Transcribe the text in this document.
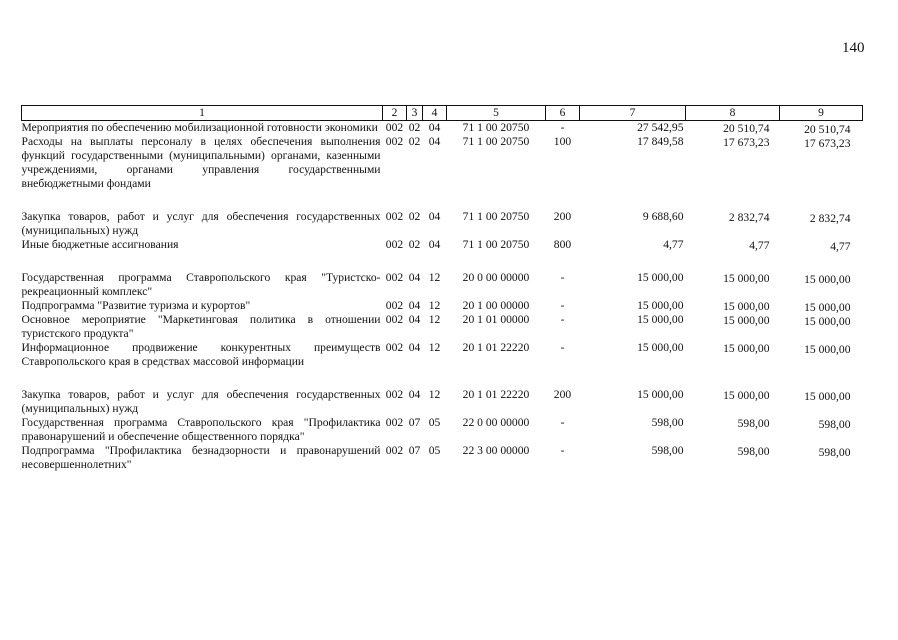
140
1	2	3	4	5	6	7	8	9
Мероприятия по обеспечению мобилизационной готовности экономики	002	02	04	71 1 00 20750	-	27 542,95	20 510,74	20 510,74
Расходы на выплаты персоналу в целях обеспечения выполнения функций государственными (муниципальными) органами, казенными учреждениями, органами управления государственными внебюджетными фондами	002	02	04	71 1 00 20750	100	17 849,58	17 673,23	17 673,23

Закупка товаров, работ и услуг для обеспечения государственных (муниципальных) нужд	002	02	04	71 1 00 20750	200	9 688,60	2 832,74	2 832,74
Иные бюджетные ассигнования	002	02	04	71 1 00 20750	800	4,77	4,77	4,77

Государственная программа Ставропольского края "Туристско-рекреационный комплекс"	002	04	12	20 0 00 00000	-	15 000,00	15 000,00	15 000,00
Подпрограмма "Развитие туризма и курортов"	002	04	12	20 1 00 00000	-	15 000,00	15 000,00	15 000,00
Основное мероприятие "Маркетинговая политика в отношении туристского продукта"	002	04	12	20 1 01 00000	-	15 000,00	15 000,00	15 000,00
Информационное продвижение конкурентных преимуществ Ставропольского края в средствах массовой информации	002	04	12	20 1 01 22220	-	15 000,00	15 000,00	15 000,00

Закупка товаров, работ и услуг для обеспечения государственных (муниципальных) нужд	002	04	12	20 1 01 22220	200	15 000,00	15 000,00	15 000,00
Государственная программа Ставропольского края "Профилактика правонарушений и обеспечение общественного порядка"	002	07	05	22 0 00 00000	-	598,00	598,00	598,00
Подпрограмма "Профилактика безнадзорности и правонарушений несовершеннолетних"	002	07	05	22 3 00 00000	-	598,00	598,00	598,00
